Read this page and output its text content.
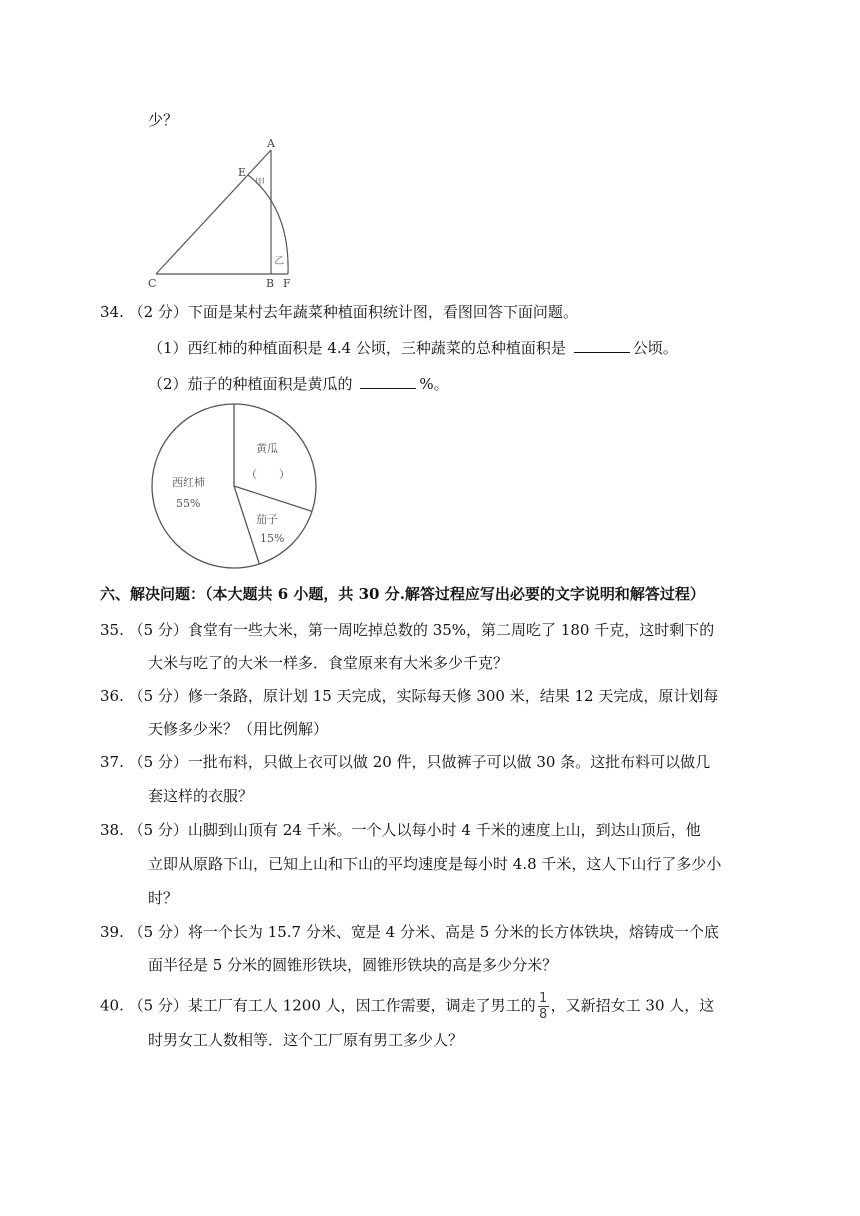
少？
A
E
C	B F
甲
乙
34. （2 分）下面是某村去年蔬菜种植面积统计图，看图回答下面问题。
（1）西红柿的种植面积是 4.4 公顷，三种蔬菜的总种植面积是	公顷。
（2）茄子的种植面积是黄瓜的	%。
西红柿
55%
黄瓜
（　　）
茄子
15%
六、解决问题：（本大题共 6 小题，共 30 分.解答过程应写出必要的文字说明和解答过程）
35. （5 分）食堂有一些大米，第一周吃掉总数的 35%，第二周吃了 180 千克，这时剩下的
大米与吃了的大米一样多．食堂原来有大米多少千克？
36. （5 分）修一条路，原计划 15 天完成，实际每天修 300 米，结果 12 天完成，原计划每
天修多少米？（用比例解）
37. （5 分）一批布料，只做上衣可以做 20 件，只做裤子可以做 30 条。这批布料可以做几
套这样的衣服？
38. （5 分）山脚到山顶有 24 千米。一个人以每小时 4 千米的速度上山，到达山顶后，他
立即从原路下山，已知上山和下山的平均速度是每小时 4.8 千米，这人下山行了多少小
时？
39. （5 分）将一个长为 15.7 分米、宽是 4 分米、高是 5 分米的长方体铁块，熔铸成一个底
面半径是 5 分米的圆锥形铁块，圆锥形铁块的高是多少分米？
40. （5 分）某工厂有工人 1200 人，因工作需要，调走了男工的 $\frac{1}{8}$ ，又新招女工 30 人，这
时男女工人数相等．这个工厂原有男工多少人？
